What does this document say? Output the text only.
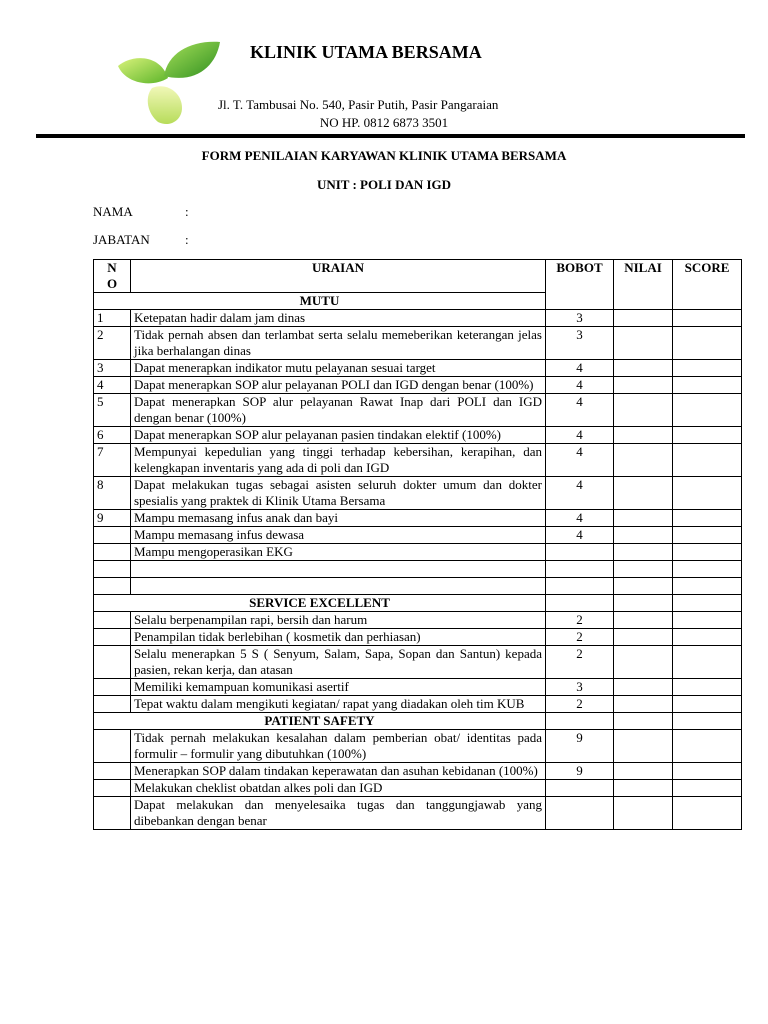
KLINIK UTAMA BERSAMA
Jl. T. Tambusai No. 540, Pasir Putih, Pasir Pangaraian
NO HP. 0812 6873 3501
FORM PENILAIAN KARYAWAN KLINIK UTAMA BERSAMA
UNIT : POLI DAN IGD
NAMA	:
JABATAN	:
N
O	URAIAN	BOBOT	NILAI	SCORE
MUTU				
1	Ketepatan hadir dalam jam dinas	3		
2	Tidak pernah absen dan terlambat serta selalu memeberikan keterangan jelas jika berhalangan dinas	3		
3	Dapat menerapkan indikator mutu pelayanan sesuai target	4		
4	Dapat menerapkan SOP alur pelayanan POLI dan IGD dengan benar (100%)	4		
5	Dapat menerapkan SOP alur pelayanan Rawat Inap dari POLI dan IGD dengan benar (100%)	4		
6	Dapat menerapkan SOP alur pelayanan pasien tindakan elektif (100%)	4		
7	Mempunyai kepedulian yang tinggi terhadap kebersihan, kerapihan, dan kelengkapan inventaris yang ada di poli dan IGD	4		
8	Dapat melakukan tugas sebagai asisten seluruh dokter umum dan dokter spesialis yang praktek di Klinik Utama Bersama	4		
9	Mampu memasang infus anak dan bayi	4		
	Mampu memasang infus dewasa	4		
	Mampu mengoperasikan EKG			

SERVICE EXCELLENT				
	Selalu berpenampilan rapi, bersih dan harum	2		
	Penampilan tidak berlebihan ( kosmetik dan perhiasan)	2		
	Selalu menerapkan 5 S ( Senyum, Salam, Sapa, Sopan dan Santun) kepada pasien, rekan kerja, dan atasan	2		
	Memiliki kemampuan komunikasi asertif	3		
	Tepat waktu dalam mengikuti kegiatan/ rapat yang diadakan oleh tim KUB	2		
PATIENT SAFETY				
	Tidak pernah melakukan kesalahan dalam pemberian obat/ identitas pada formulir – formulir yang dibutuhkan (100%)	9		
	Menerapkan SOP dalam tindakan keperawatan dan asuhan kebidanan (100%)	9		
	Melakukan cheklist obatdan alkes poli dan IGD			
	Dapat melakukan dan menyelesaika tugas dan tanggungjawab yang dibebankan dengan benar			
